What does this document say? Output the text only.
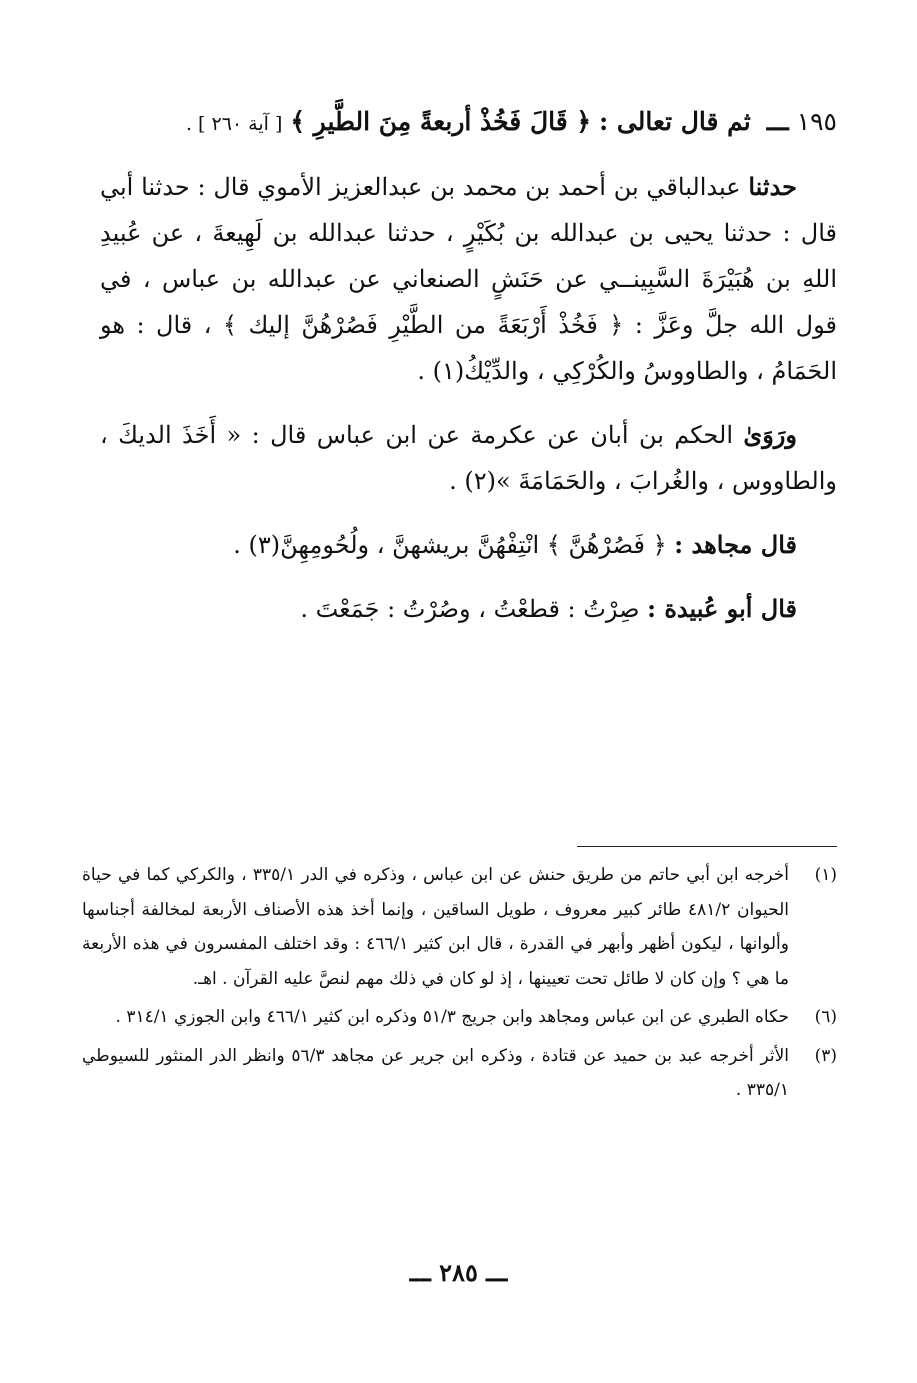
١٩٥ـــ ثم قال تعالى : ﴿ قَالَ فَخُذْ أربعةً مِنَ الطَّيرِ ﴾ [ آية ٢٦٠ ] .

حدثنا عبدالباقي بن أحمد بن محمد بن عبدالعزيز الأموي قال : حدثنا أبي قال : حدثنا يحيى بن عبدالله بن بُكَيْرٍ ، حدثنا عبدالله بن لَهِيعةَ ، عن عُبيدِ اللهِ بن هُبَيْرَةَ السَّبِينــي عن حَنَشٍ الصنعاني عن عبدالله بن عباس ، في قول الله جلَّ وعَزَّ : ﴿ فَخُذْ أَرْبَعَةً من الطَّيْرِ فَصُرْهُنَّ إليك ﴾ ، قال : هو الحَمَامُ ، والطاووسُ والكُرْكِي ، والدِّيْكُ(١) .

ورَوَىٰ الحكم بن أبان عن عكرمة عن ابن عباس قال : « أَخَذَ الديكَ ، والطاووس ، والغُرابَ ، والحَمَامَةَ »(٢) .

قال مجاهد : ﴿ فَصُرْهُنَّ ﴾ انْتِفْهُنَّ بريشهنَّ ، ولُحُومِهِنَّ(٣) .

قال أبو عُبيدة : صِرْتُ : قطعْتُ ، وصُرْتُ : جَمَعْتَ .

(١)
أخرجه ابن أبي حاتم من طريق حنش عن ابن عباس ، وذكره في الدر ٣٣٥/١ ، والكركي كما في حياة الحيوان ٤٨١/٢ طائر كبير معروف ، طويل الساقين ، وإنما أخذ هذه الأصناف الأربعة لمخالفة أجناسها وألوانها ، ليكون أظهر وأبهر في القدرة ، قال ابن كثير ٤٦٦/١ : وقد اختلف المفسرون في هذه الأربعة ما هي ؟ وإن كان لا طائل تحت تعيينها ، إذ لو كان في ذلك مهم لنصَّ عليه القرآن . اهـ.
(٦)
حكاه الطبري عن ابن عباس ومجاهد وابن جريج ٥١/٣ وذكره ابن كثير ٤٦٦/١ وابن الجوزي ٣١٤/١ .
(٣)
الأثر أخرجه عبد بن حميد عن قتادة ، وذكره ابن جرير عن مجاهد ٥٦/٣ وانظر الدر المنثور للسيوطي ٣٣٥/١ .
ـــ ٢٨٥ ـــ
